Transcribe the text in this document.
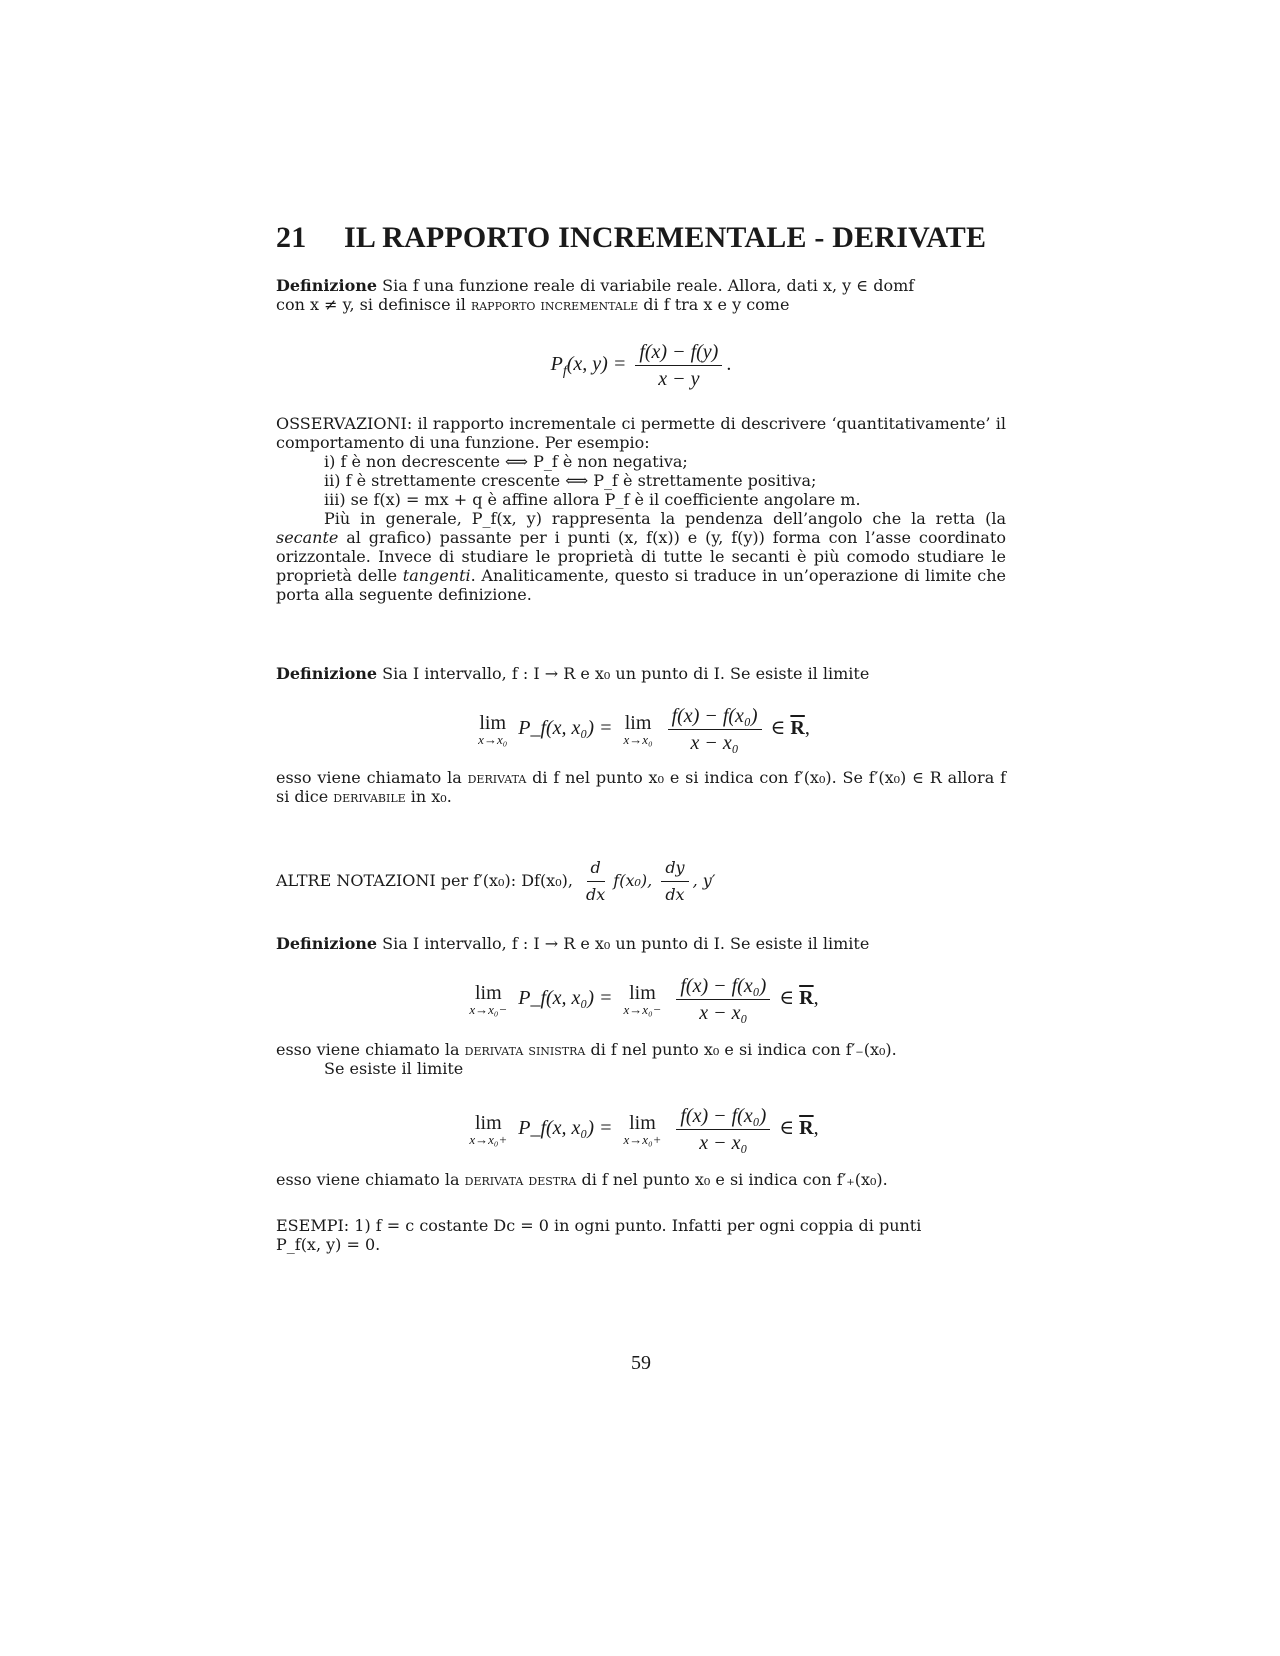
21 IL RAPPORTO INCREMENTALE - DERIVATE

Definizione Sia f una funzione reale di variabile reale. Allora, dati x, y ∈ domf

con x ≠ y, si definisce il rapporto incrementale di f tra x e y come

$P_f(x$, $y) = \frac{f(x) - f(y)}{x - y}$ .

OSSERVAZIONI: il rapporto incrementale ci permette di descrivere ‘quantitativamente’ il comportamento di una funzione. Per esempio:

i) f è non decrescente ⟺ P_f è non negativa;
ii) f è strettamente crescente ⟺ P_f è strettamente positiva;
iii) se f(x) = mx + q è affine allora P_f è il coefficiente angolare m.

Più in generale, P_f(x, y) rappresenta la pendenza dell’angolo che la retta (la secante al grafico) passante per i punti (x, f(x)) e (y, f(y)) forma con l’asse coordinato orizzontale. Invece di studiare le proprietà di tutte le secanti è più comodo studiare le proprietà delle tangenti. Analiticamente, questo si traduce in un’operazione di limite che porta alla seguente definizione.

Definizione Sia I intervallo, f : I → R e x₀ un punto di I. Se esiste il limite

lim
x→x₀ P_f(x, x₀) = lim
x→x₀
$\frac{\text{f(x) − f(x₀)}}{\text{x − x₀}}$ ∈ $\overline{R}$,

esso viene chiamato la derivata di f nel punto x₀ e si indica con f′(x₀). Se f′(x₀) ∈ R allora f si dice derivabile in x₀.

ALTRE NOTAZIONI per f′(x₀): Df(x₀), $\frac{d}{dx} f(x_0)$, $\frac{dy}{dx}$ , y′

Definizione Sia I intervallo, f : I → R e x₀ un punto di I. Se esiste il limite

lim
x→x₀− P_f(x, x₀) = lim
x→x₀−
$\frac{\text{f(x) − f(x₀)}}{\text{x − x₀}}$ ∈ $\overline{R}$,

esso viene chiamato la derivata sinistra di f nel punto x₀ e si indica con f′₋(x₀).

Se esiste il limite

lim
x→x₀+ P_f(x, x₀) = lim
x→x₀+
$\frac{\text{f(x) − f(x₀)}}{\text{x − x₀}}$ ∈ $\overline{R}$,

esso viene chiamato la derivata destra di f nel punto x₀ e si indica con f′₊(x₀).

ESEMPI: 1) f = c costante Dc = 0 in ogni punto. Infatti per ogni coppia di punti

P_f(x, y) = 0.

59
